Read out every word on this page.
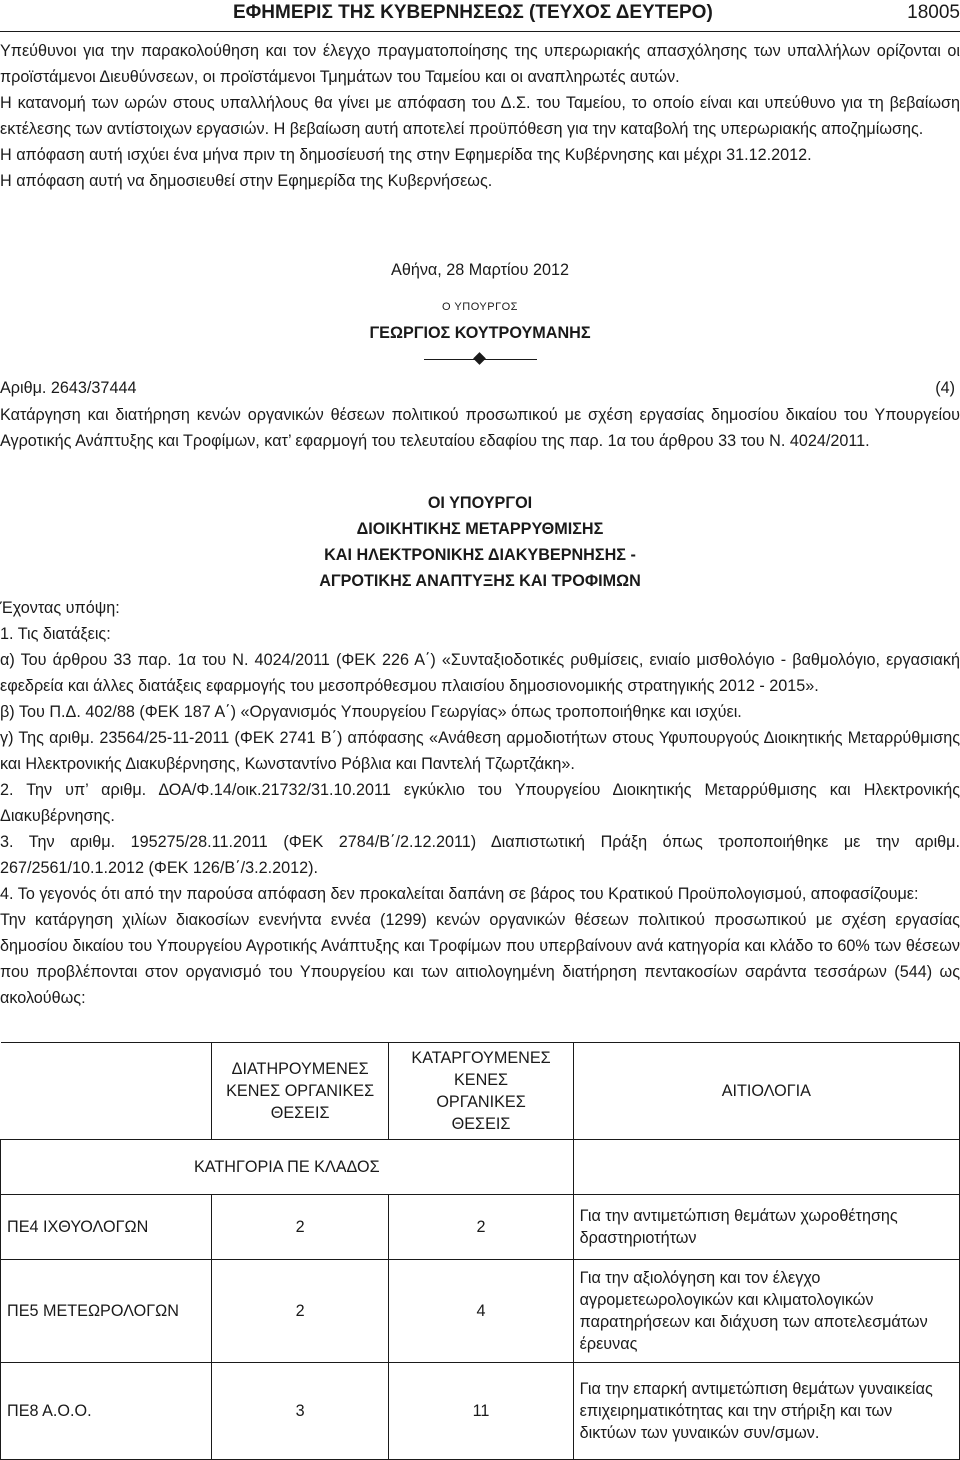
ΕΦΗΜΕΡΙΣ ΤΗΣ ΚΥΒΕΡΝΗΣΕΩΣ (ΤΕΥΧΟΣ ΔΕΥΤΕΡΟ)	18005

Υπεύθυνοι για την παρακολούθηση και τον έλεγχο πραγματοποίησης της υπερωριακής απασχόλησης των υπαλλήλων ορίζονται οι προϊστάμενοι Διευθύνσεων, οι προϊστάμενοι Τμημάτων του Ταμείου και οι αναπληρωτές αυτών.

Η κατανομή των ωρών στους υπαλλήλους θα γίνει με απόφαση του Δ.Σ. του Ταμείου, το οποίο είναι και υπεύθυνο για τη βεβαίωση εκτέλεσης των αντίστοιχων εργασιών. Η βεβαίωση αυτή αποτελεί προϋπόθεση για την καταβολή της υπερωριακής αποζημίωσης.

Η απόφαση αυτή ισχύει ένα μήνα πριν τη δημοσίευσή της στην Εφημερίδα της Κυβέρνησης και μέχρι 31.12.2012.

Η απόφαση αυτή να δημοσιευθεί στην Εφημερίδα της Κυβερνήσεως.

Αθήνα, 28 Μαρτίου 2012
Ο ΥΠΟΥΡΓΟΣ
ΓΕΩΡΓΙΟΣ ΚΟΥΤΡΟΥΜΑΝΗΣ
Αριθμ. 2643/37444	(4)

Κατάργηση και διατήρηση κενών οργανικών θέσεων πολιτικού προσωπικού με σχέση εργασίας δημοσίου δικαίου του Υπουργείου Αγροτικής Ανάπτυξης και Τροφίμων, κατ’ εφαρμογή του τελευταίου εδαφίου της παρ. 1α του άρθρου 33 του Ν. 4024/2011.

ΟΙ ΥΠΟΥΡΓΟΙ
ΔΙΟΙΚΗΤΙΚΗΣ ΜΕΤΑΡΡΥΘΜΙΣΗΣ
ΚΑΙ ΗΛΕΚΤΡΟΝΙΚΗΣ ΔΙΑΚΥΒΕΡΝΗΣΗΣ -
ΑΓΡΟΤΙΚΗΣ ΑΝΑΠΤΥΞΗΣ ΚΑΙ ΤΡΟΦΙΜΩΝ

Έχοντας υπόψη:

1. Τις διατάξεις:

α) Του άρθρου 33 παρ. 1α του Ν. 4024/2011 (ΦΕΚ 226 Α΄) «Συνταξιοδοτικές ρυθμίσεις, ενιαίο μισθολόγιο - βαθμολόγιο, εργασιακή εφεδρεία και άλλες διατάξεις εφαρμογής του μεσοπρόθεσμου πλαισίου δημοσιονομικής στρατηγικής 2012 - 2015».

β) Του Π.Δ. 402/88 (ΦΕΚ 187 Α΄) «Οργανισμός Υπουργείου Γεωργίας» όπως τροποποιήθηκε και ισχύει.

γ) Της αριθμ. 23564/25-11-2011 (ΦΕΚ 2741 Β΄) απόφασης «Ανάθεση αρμοδιοτήτων στους Υφυπουργούς Διοικητικής Μεταρρύθμισης και Ηλεκτρονικής Διακυβέρνησης, Κωνσταντίνο Ρόβλια και Παντελή Τζωρτζάκη».

2. Την υπ’ αριθμ. ΔΟΑ/Φ.14/οικ.21732/31.10.2011 εγκύκλιο του Υπουργείου Διοικητικής Μεταρρύθμισης και Ηλεκτρονικής Διακυβέρνησης.

3. Την αριθμ. 195275/28.11.2011 (ΦΕΚ 2784/Β΄/2.12.2011) Διαπιστωτική Πράξη όπως τροποποιήθηκε με την αριθμ. 267/2561/10.1.2012 (ΦΕΚ 126/Β΄/3.2.2012).

4. Το γεγονός ότι από την παρούσα απόφαση δεν προκαλείται δαπάνη σε βάρος του Κρατικού Προϋπολογισμού, αποφασίζουμε:

Την κατάργηση χιλίων διακοσίων ενενήντα εννέα (1299) κενών οργανικών θέσεων πολιτικού προσωπικού με σχέση εργασίας δημοσίου δικαίου του Υπουργείου Αγροτικής Ανάπτυξης και Τροφίμων που υπερβαίνουν ανά κατηγορία και κλάδο το 60% των θέσεων που προβλέπονται στον οργανισμό του Υπουργείου και των αιτιολογημένη διατήρηση πεντακοσίων σαράντα τεσσάρων (544) ως ακολούθως:

	ΔΙΑΤΗΡΟΥΜΕΝΕΣ ΚΕΝΕΣ ΟΡΓΑΝΙΚΕΣ ΘΕΣΕΙΣ	ΚΑΤΑΡΓΟΥΜΕΝΕΣ ΚΕΝΕΣ ΟΡΓΑΝΙΚΕΣ ΘΕΣΕΙΣ	ΑΙΤΙΟΛΟΓΙΑ
ΚΑΤΗΓΟΡΙΑ ΠΕ ΚΛΑΔΟΣ			
ΠΕ4 ΙΧΘΥΟΛΟΓΩΝ	2	2	Για την αντιμετώπιση θεμάτων χωροθέτησης δραστηριοτήτων
ΠΕ5 ΜΕΤΕΩΡΟΛΟΓΩΝ	2	4	Για την αξιολόγηση και τον έλεγχο αγρομετεωρολογικών και κλιματολογικών παρατηρήσεων και διάχυση των αποτελεσμάτων έρευνας
ΠΕ8 Α.Ο.Ο.	3	11	Για την επαρκή αντιμετώπιση θεμάτων γυναικείας επιχειρηματικότητας και την στήριξη και των δικτύων των γυναικών συν/σμων.
